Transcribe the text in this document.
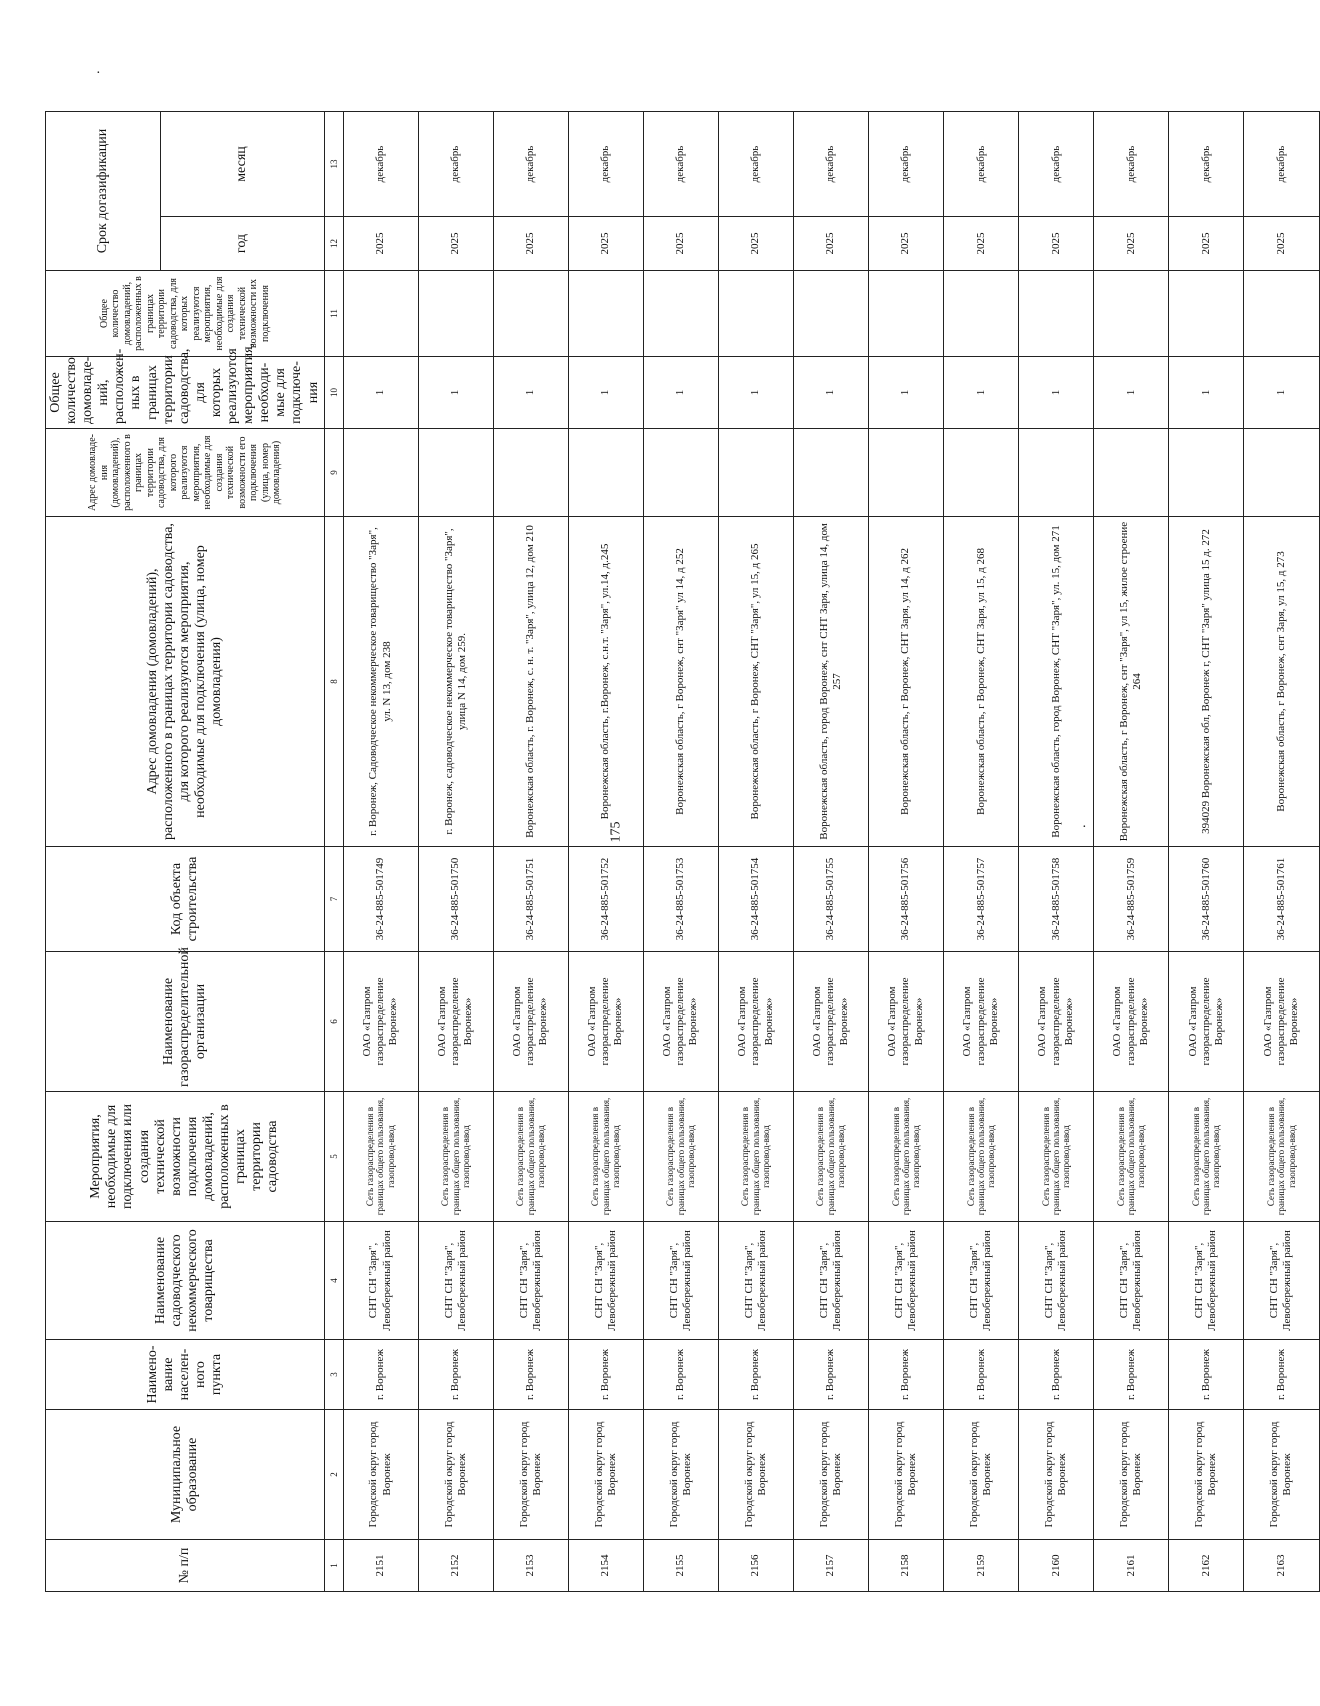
175
·
·
№ п/п	Муниципальное образование	Наимено-вание населен-ного пункта	Наименование садоводческого некоммерческого товарищества	Мероприятия, необходимые для подключения или создания технической возможности подключения домовладений, расположенных в границах территории садоводства	Наименование газораспределительной организации	Код объекта строительства	Адрес домовладения (домовладений), расположенного в границах территории садоводства, для которого реализуются мероприятия, необходимые для подключения (улица, номер домовладения)	Адрес домовладе-ния (домовладений), расположенного в границах территории садоводства, для которого реализуются мероприятия, необходимые для создания технической возможности его подключения (улица, номер домовладения)	Общее количество домовладе-ний, расположен-ных в границах территории садоводства, для которых реализуются мероприятия, необходи-мые для подключе-ния	Общее количество домовладений, расположенных в границах территории садоводства, для которых реализуются мероприятия, необходимые для создания технической возможности их подключения	Срок догазификации	
											год	месяц
1	2	3	4	5	6	7	8	9	10	11	12	13
2151	Городской округ город Воронеж	г. Воронеж	СНТ СН "Заря", Левобережный район	Сеть газораспределения в границах общего пользования, газопровод-ввод	ОАО «Газпром газораспределение Воронеж»	36-24-885-501749	г. Воронеж, Садоводческое некоммерческое товарищество "Заря", ул. N 13, дом 238		1		2025	декабрь
2152	Городской округ город Воронеж	г. Воронеж	СНТ СН "Заря", Левобережный район	Сеть газораспределения в границах общего пользования, газопровод-ввод	ОАО «Газпром газораспределение Воронеж»	36-24-885-501750	г. Воронеж, садоводческое некоммерческое товарищество "Заря", улица N 14, дом 259.		1		2025	декабрь
2153	Городской округ город Воронеж	г. Воронеж	СНТ СН "Заря", Левобережный район	Сеть газораспределения в границах общего пользования, газопровод-ввод	ОАО «Газпром газораспределение Воронеж»	36-24-885-501751	Воронежская область, г. Воронеж, с. н. т. "Заря", улица 12, дом 210		1		2025	декабрь
2154	Городской округ город Воронеж	г. Воронеж	СНТ СН "Заря", Левобережный район	Сеть газораспределения в границах общего пользования, газопровод-ввод	ОАО «Газпром газораспределение Воронеж»	36-24-885-501752	Воронежская область, г.Воронеж, с.н.т. "Заря", ул.14, д.245		1		2025	декабрь
2155	Городской округ город Воронеж	г. Воронеж	СНТ СН "Заря", Левобережный район	Сеть газораспределения в границах общего пользования, газопровод-ввод	ОАО «Газпром газораспределение Воронеж»	36-24-885-501753	Воронежская область, г Воронеж, снт "Заря" ул 14, д 252		1		2025	декабрь
2156	Городской округ город Воронеж	г. Воронеж	СНТ СН "Заря", Левобережный район	Сеть газораспределения в границах общего пользования, газопровод-ввод	ОАО «Газпром газораспределение Воронеж»	36-24-885-501754	Воронежская область, г Воронеж, СНТ "Заря", ул 15, д 265		1		2025	декабрь
2157	Городской округ город Воронеж	г. Воронеж	СНТ СН "Заря", Левобережный район	Сеть газораспределения в границах общего пользования, газопровод-ввод	ОАО «Газпром газораспределение Воронеж»	36-24-885-501755	Воронежская область, город Воронеж, снт СНТ Заря, улица 14, дом 257		1		2025	декабрь
2158	Городской округ город Воронеж	г. Воронеж	СНТ СН "Заря", Левобережный район	Сеть газораспределения в границах общего пользования, газопровод-ввод	ОАО «Газпром газораспределение Воронеж»	36-24-885-501756	Воронежская область, г Воронеж, СНТ Заря, ул 14, д 262		1		2025	декабрь
2159	Городской округ город Воронеж	г. Воронеж	СНТ СН "Заря", Левобережный район	Сеть газораспределения в границах общего пользования, газопровод-ввод	ОАО «Газпром газораспределение Воронеж»	36-24-885-501757	Воронежская область, г Воронеж, СНТ Заря, ул 15, д 268		1		2025	декабрь
2160	Городской округ город Воронеж	г. Воронеж	СНТ СН "Заря", Левобережный район	Сеть газораспределения в границах общего пользования, газопровод-ввод	ОАО «Газпром газораспределение Воронеж»	36-24-885-501758	Воронежская область, город Воронеж, СНТ "Заря", ул. 15, дом 271		1		2025	декабрь
2161	Городской округ город Воронеж	г. Воронеж	СНТ СН "Заря", Левобережный район	Сеть газораспределения в границах общего пользования, газопровод-ввод	ОАО «Газпром газораспределение Воронеж»	36-24-885-501759	Воронежская область, г Воронеж, снт "Заря", ул 15, жилое строение 264		1		2025	декабрь
2162	Городской округ город Воронеж	г. Воронеж	СНТ СН "Заря", Левобережный район	Сеть газораспределения в границах общего пользования, газопровод-ввод	ОАО «Газпром газораспределение Воронеж»	36-24-885-501760	394029 Воронежская обл, Воронеж г, СНТ "Заря" улица 15 д. 272		1		2025	декабрь
2163	Городской округ город Воронеж	г. Воронеж	СНТ СН "Заря", Левобережный район	Сеть газораспределения в границах общего пользования, газопровод-ввод	ОАО «Газпром газораспределение Воронеж»	36-24-885-501761	Воронежская область, г Воронеж, снт Заря, ул 15, д 273		1		2025	декабрь
